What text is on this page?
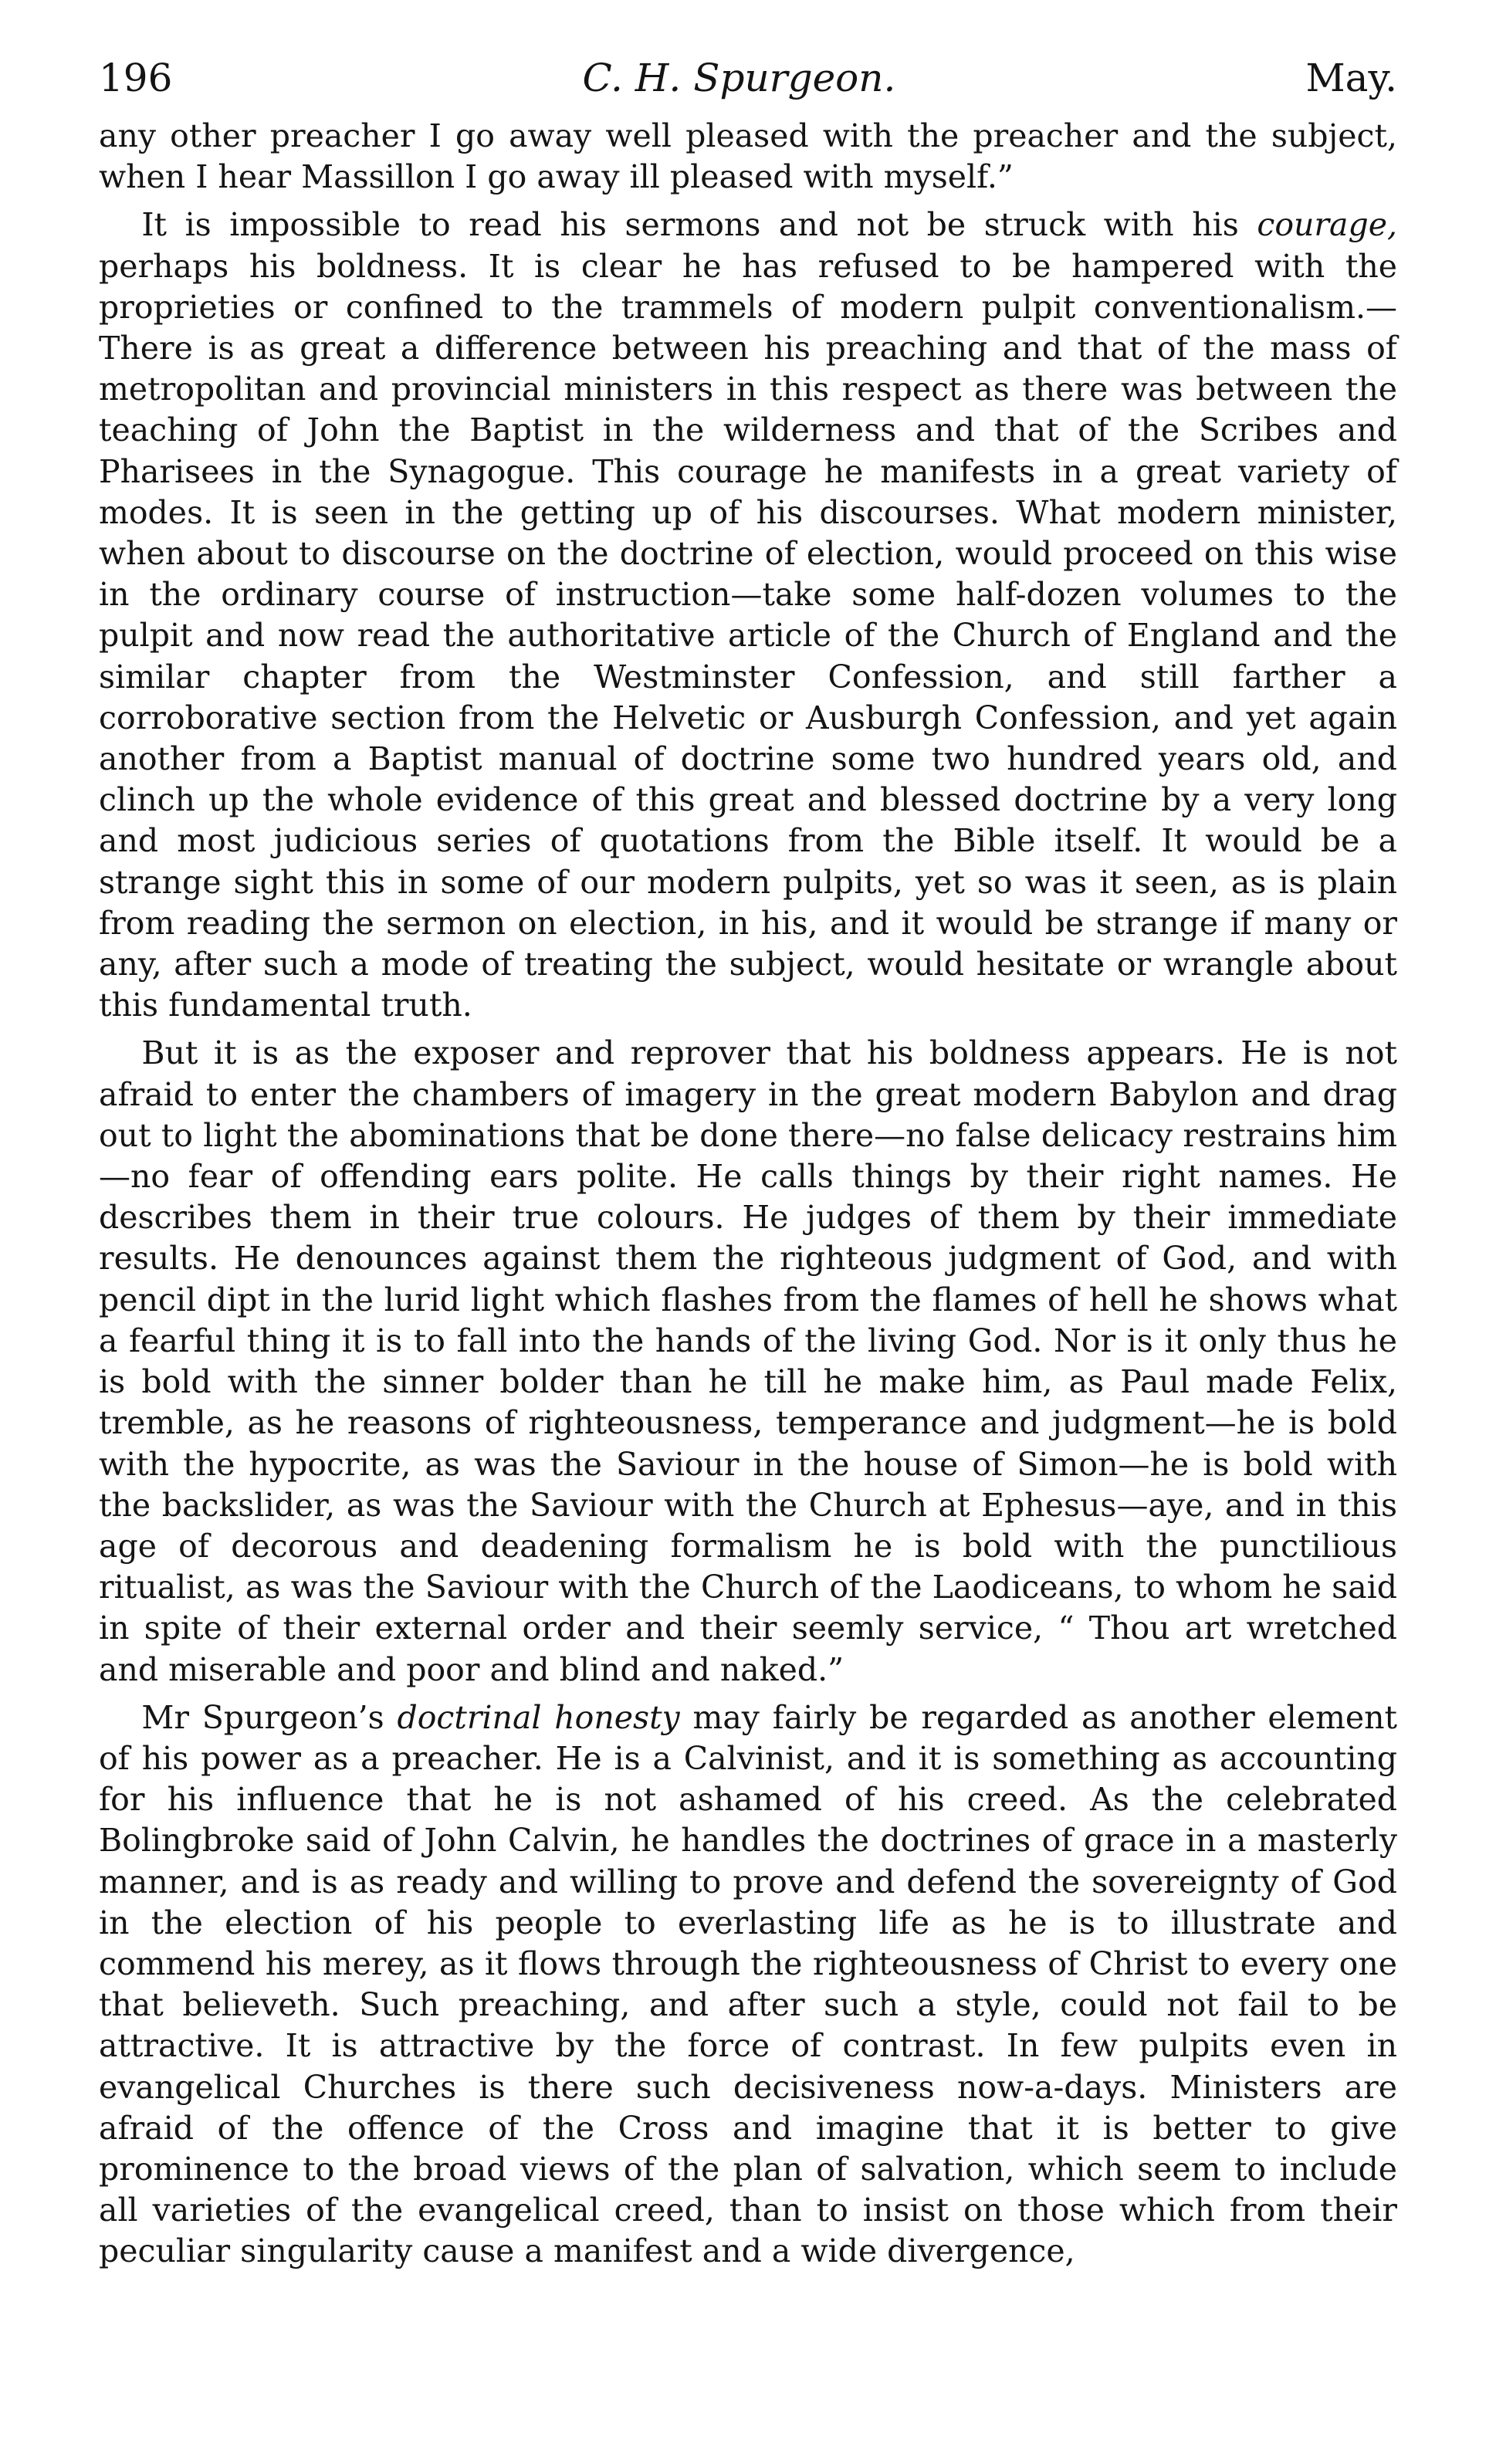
196	C. H. Spurgeon.	May.

any other preacher I go away well pleased with the preacher and the subject, when I hear Massillon I go away ill pleased with myself.”

It is impossible to read his sermons and not be struck with his courage, perhaps his boldness. It is clear he has refused to be hampered with the proprieties or confined to the trammels of modern pulpit conventionalism.—There is as great a difference between his preaching and that of the mass of metropolitan and provincial ministers in this respect as there was between the teaching of John the Baptist in the wilderness and that of the Scribes and Pharisees in the Synagogue. This courage he manifests in a great variety of modes. It is seen in the getting up of his discourses. What modern minister, when about to discourse on the doctrine of election, would proceed on this wise in the ordinary course of instruction—take some half-dozen volumes to the pulpit and now read the authoritative article of the Church of England and the similar chapter from the Westminster Confession, and still farther a corroborative section from the Helvetic or Ausburgh Confession, and yet again another from a Baptist manual of doctrine some two hundred years old, and clinch up the whole evidence of this great and blessed doctrine by a very long and most judicious series of quotations from the Bible itself. It would be a strange sight this in some of our modern pulpits, yet so was it seen, as is plain from reading the sermon on election, in his, and it would be strange if many or any, after such a mode of treating the subject, would hesitate or wrangle about this fundamental truth.

But it is as the exposer and reprover that his boldness appears. He is not afraid to enter the chambers of imagery in the great modern Babylon and drag out to light the abominations that be done there—no false delicacy restrains him—no fear of offending ears polite. He calls things by their right names. He describes them in their true colours. He judges of them by their immediate results. He denounces against them the righteous judgment of God, and with pencil dipt in the lurid light which flashes from the flames of hell he shows what a fearful thing it is to fall into the hands of the living God. Nor is it only thus he is bold with the sinner bolder than he till he make him, as Paul made Felix, tremble, as he reasons of righteousness, temperance and judgment—he is bold with the hypocrite, as was the Saviour in the house of Simon—he is bold with the backslider, as was the Saviour with the Church at Ephesus—aye, and in this age of decorous and deadening formalism he is bold with the punctilious ritualist, as was the Saviour with the Church of the Laodiceans, to whom he said in spite of their external order and their seemly service, “ Thou art wretched and miserable and poor and blind and naked.”

Mr Spurgeon’s doctrinal honesty may fairly be regarded as another element of his power as a preacher. He is a Calvinist, and it is something as accounting for his influence that he is not ashamed of his creed. As the celebrated Bolingbroke said of John Calvin, he handles the doctrines of grace in a masterly manner, and is as ready and willing to prove and defend the sovereignty of God in the election of his people to everlasting life as he is to illustrate and commend his merey, as it flows through the righteousness of Christ to every one that believeth. Such preaching, and after such a style, could not fail to be attractive. It is attractive by the force of contrast. In few pulpits even in evangelical Churches is there such decisiveness now-a-days. Ministers are afraid of the offence of the Cross and imagine that it is better to give prominence to the broad views of the plan of salvation, which seem to include all varieties of the evangelical creed, than to insist on those which from their peculiar singularity cause a manifest and a wide divergence,
